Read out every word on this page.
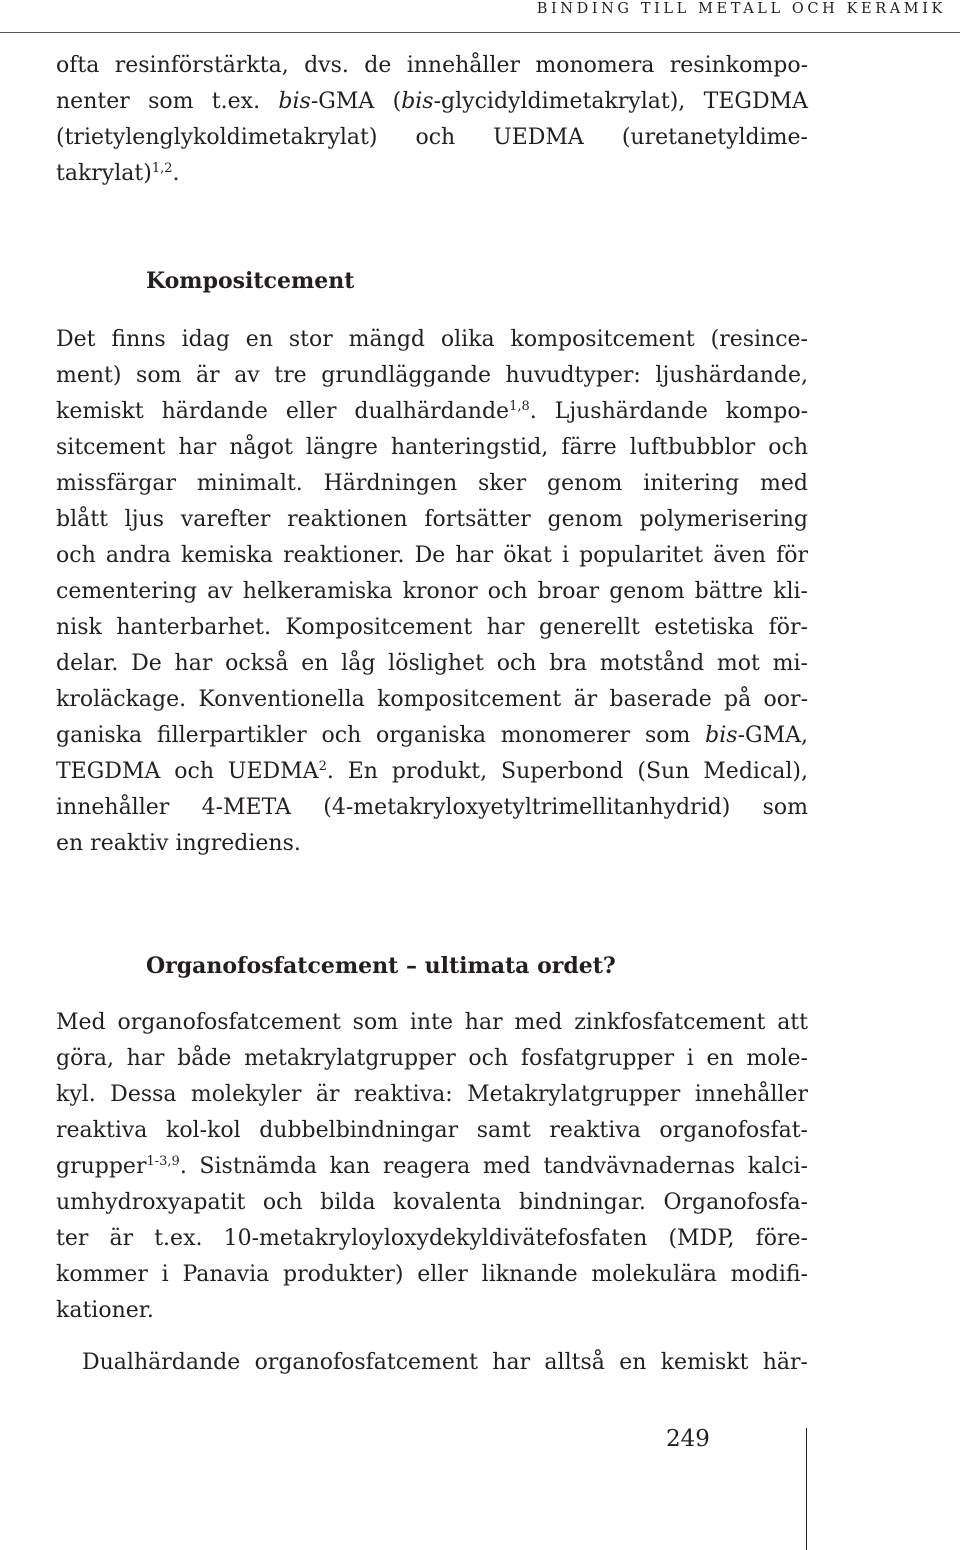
BINDING TILL METALL OCH KERAMIK
ofta resinförstärkta, dvs. de innehåller monomera resinkompo-
nenter som t.ex. bis-GMA (bis-glycidyldimetakrylat), TEGDMA
(trietylenglykoldimetakrylat) och UEDMA (uretanetyldime-
takrylat)$^{1,2}$.
Kompositcement
Det finns idag en stor mängd olika kompositcement (resince-
ment) som är av tre grundläggande huvudtyper: ljushärdande,
kemiskt härdande eller dualhärdande$^{1,8}$. Ljushärdande kompo-
sitcement har något längre hanteringstid, färre luftbubblor och
missfärgar minimalt. Härdningen sker genom initering med
blått ljus varefter reaktionen fortsätter genom polymerisering
och andra kemiska reaktioner. De har ökat i popularitet även för
cementering av helkeramiska kronor och broar genom bättre kli-
nisk hanterbarhet. Kompositcement har generellt estetiska för-
delar. De har också en låg löslighet och bra motstånd mot mi-
kroläckage. Konventionella kompositcement är baserade på oor-
ganiska fillerpartikler och organiska monomerer som bis-GMA,
TEGDMA och UEDMA$^2$. En produkt, Superbond (Sun Medical),
innehåller 4-META (4-metakryloxyetyltrimellitanhydrid) som
en reaktiv ingrediens.
Organofosfatcement – ultimata ordet?
Med organofosfatcement som inte har med zinkfosfatcement att
göra, har både metakrylatgrupper och fosfatgrupper i en mole-
kyl. Dessa molekyler är reaktiva: Metakrylatgrupper innehåller
reaktiva kol-kol dubbelbindningar samt reaktiva organofosfat-
grupper$^{1-3,9}$. Sistnämda kan reagera med tandvävnadernas kalci-
umhydroxyapatit och bilda kovalenta bindningar. Organofosfa-
ter är t.ex. 10-metakryloyloxydekyldivätefosfaten (MDP, före-
kommer i Panavia produkter) eller liknande molekulära modifi-
kationer.
Dualhärdande organofosfatcement har alltså en kemiskt här-
249
